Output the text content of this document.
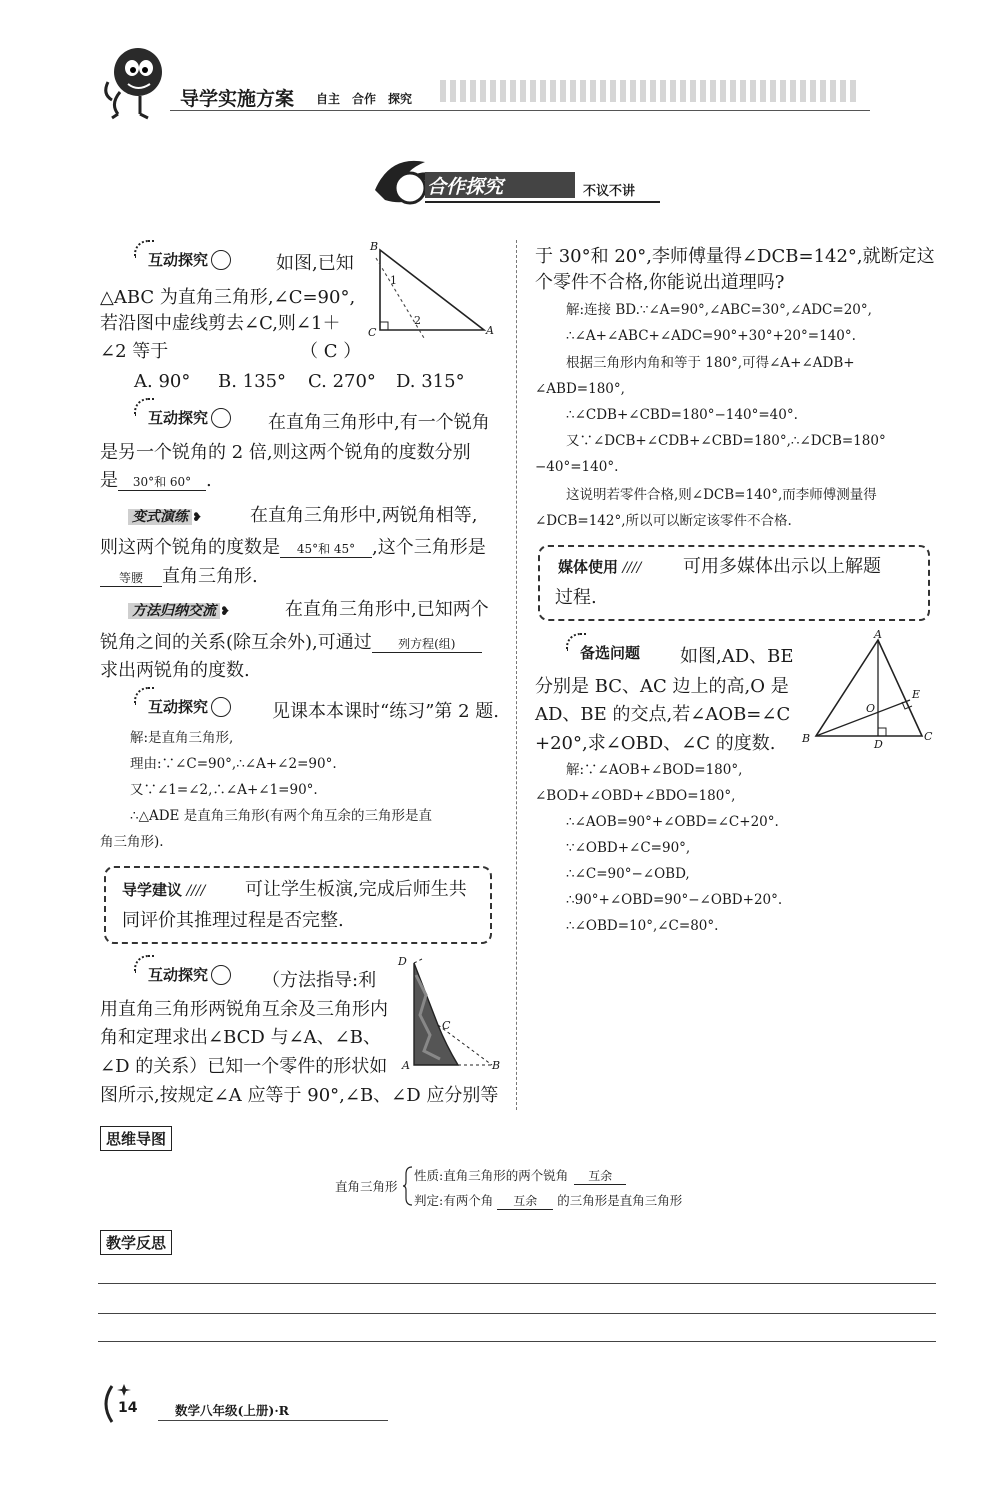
导学实施方案 自主　合作　探究
合作探究	不议不讲
互动探究	如图,已知
△ABC 为直角三角形,∠C=90°,
若沿图中虚线剪去∠C,则∠1＋
∠2 等于	（ C ）
A. 90° B. 135° C. 270° D. 315°
B
C	A
1
2
互动探究	在直角三角形中,有一个锐角
是另一个锐角的 2 倍,则这两个锐角的度数分别
是 30°和 60° .
变式演练 ❥	在直角三角形中,两锐角相等,
则这两个锐角的度数是 45°和 45° ,这个三角形是
等腰 直角三角形.
方法归纳交流 ❥	在直角三角形中,已知两个
锐角之间的关系(除互余外),可通过 列方程(组)
求出两锐角的度数.
互动探究	见课本本课时“练习”第 2 题.
解:是直角三角形,
理由:∵∠C=90°,∴∠A+∠2=90°.
又∵∠1=∠2,∴∠A+∠1=90°.
∴△ADE 是直角三角形(有两个角互余的三角形是直
角三角形).
导学建议 //// 可让学生板演,完成后师生共
同评价其推理过程是否完整.
互动探究	（方法指导:利
用直角三角形两锐角互余及三角形内
角和定理求出∠BCD 与∠A、∠B、
∠D 的关系）已知一个零件的形状如
图所示,按规定∠A 应等于 90°,∠B、∠D 应分别等
D
C
A	B
于 30°和 20°,李师傅量得∠DCB=142°,就断定这
个零件不合格,你能说出道理吗?
解:连接 BD.∵∠A=90°,∠ABC=30°,∠ADC=20°,
∴∠A+∠ABC+∠ADC=90°+30°+20°=140°.
根据三角形内角和等于 180°,可得∠A+∠ADB+
∠ABD=180°,
∴∠CDB+∠CBD=180°−140°=40°.
又∵∠DCB+∠CDB+∠CBD=180°,∴∠DCB=180°
−40°=140°.
这说明若零件合格,则∠DCB=140°,而李师傅测量得
∠DCB=142°,所以可以断定该零件不合格.
媒体使用 //// 可用多媒体出示以上解题
过程.
备选问题 如图,AD、BE
分别是 BC、AC 边上的高,O 是
AD、BE 的交点,若∠AOB=∠C
+20°,求∠OBD、∠C 的度数.
解:∵∠AOB+∠BOD=180°,
∠BOD+∠OBD+∠BDO=180°,
∴∠AOB=90°+∠OBD=∠C+20°.
∵∠OBD+∠C=90°,
∴∠C=90°−∠OBD,
∴90°+∠OBD=90°−∠OBD+20°.
∴∠OBD=10°,∠C=80°.
A
E
O
B	D
C
思维导图
直角三角形
性质:直角三角形的两个锐角 互余
判定:有两个角 互余 的三角形是直角三角形
教学反思
14	数学八年级(上册)·R
